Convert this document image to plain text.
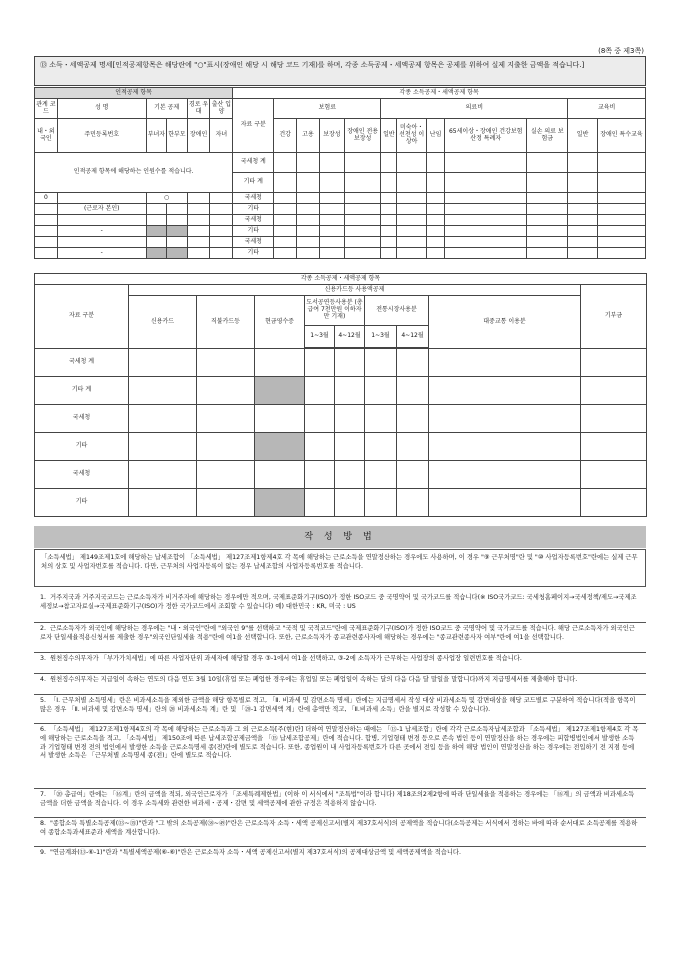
(8쪽 중 제3쪽)
⑬ 소득・세액공제 명세[인적공제항목은 해당란에 "○"표시(장애인 해당 시 해당 코드 기재)를 하며, 각종 소득공제・세액공제 항목은 공제를 위하여 실제 지출한 금액을 적습니다.]
인적공제 항목						각종 소득공제・세액공제 항목											
관계 코드	성 명	기본 공제		경로 우대	출산 입양	자료 구분	보험료				의료비					교육비	
내・외 국인	주민등록번호	부녀자	한부모	장애인	자녀		건강	고용	보장성	장애인 전용 보장성	일반	미숙아・선천성 이상아	난임	65세이상・장애인 건강보험산정 특례자	실손 의료 보험금	일반	장애인 특수교육
인적공제 항목에 해당하는 인원수를 적습니다.						국세청 계											
						기타 계											
0		○				국세청											
	(근로자 본인)					기타											
						국세청											
	-					기타											
						국세청											
	-					기타											
각종 소득공제・세액공제 항목									
자료 구분	신용카드등 사용액공제								기부금
	신용카드	직불카드등	현금영수증	도서공연등사용분 (총급여 7천만원 이하자만 기재)		전통시장사용분		대중교통 이용분	
				1~3월	4~12월	1~3월	4~12월		

국세청 계									
기타 계									
국세청									
기타									
국세청									
기타									
작 성 방 법
「소득세법」 제149조제1호에 해당하는 납세조합이 「소득세법」 제127조제1항제4호 각 목에 해당하는 근로소득을 연말정산하는 경우에도 사용하며, 이 경우 "⑨ 근무처명"란 및 "⑩ 사업자등록번호"란에는 실제 근무처의 상호 및 사업자번호를 적습니다. 다만, 근무처의 사업자등록이 없는 경우 납세조합의 사업자등록번호를 적습니다.
1. 거주지국과 거주지국코드는 근로소득자가 비거주자에 해당하는 경우에만 적으며, 국제표준화기구(ISO)가 정한 ISO코드 중 국명약어 및 국가코드를 적습니다(※ ISO국가코드: 국세청홈페이지→국세정책/제도→국제조세정보→참고자료실→국제표준화기구(ISO)가 정한 국가코드에서 조회할 수 있습니다) 예) 대한민국 : KR, 미국 : US
2. 근로소득자가 외국인에 해당하는 경우에는 "내・외국인"란에 "외국인 9"를 선택하고 "국적 및 국적코드"란에 국제표준화기구(ISO)가 정한 ISO코드 중 국명약어 및 국가코드를 적습니다. 해당 근로소득자가 외국인근로자 단일세율적용신청서를 제출한 경우"외국인단일세율 적용"란에 여1을 선택합니다. 또한, 근로소득자가 종교관련종사자에 해당하는 경우에는 "종교관련종사자 여부"란에 여1을 선택합니다.
3. 원천징수의무자가 「부가가치세법」에 따른 사업자단위 과세자에 해당할 경우 ③-1에서 여1을 선택하고, ③-2에 소득자가 근무하는 사업장의 종사업장 일련번호를 적습니다.
4. 원천징수의무자는 지급일이 속하는 연도의 다음 연도 3월 10일(휴업 또는 폐업한 경우에는 휴업일 또는 폐업일이 속하는 달의 다음 다음 달 말일을 말합니다)까지 지급명세서를 제출해야 합니다.
5. 「Ⅰ. 근무처별 소득명세」란은 비과세소득을 제외한 금액을 해당 항목별로 적고, 「Ⅱ. 비과세 및 감면소득 명세」란에는 지급명세서 작성 대상 비과세소득 및 감면대상을 해당 코드별로 구분하여 적습니다(적을 항목이 많은 경우 「Ⅱ. 비과세 및 감면소득 명세」란의 ⑳ 비과세소득 계」란 및 「⑳-1 감면세액 계」란에 총액만 적고, 「Ⅱ.비과세 소득」란을 별지로 작성할 수 있습니다).
6. 「소득세법」 제127조제1항제4호의 각 목에 해당하는 근로소득과 그 외 근로소득[주(현)란] 더하여 연말정산하는 때에는 「⑬-1 납세조합」란에 각각 근로소득자납세조합과 「소득세법」 제127조제1항제4호 각 목에 해당하는 근로소득을 적고, 「소득세법」 제150조에 따른 납세조합공제금액을 「⑮ 납세조합공제」란에 적습니다. 합병, 기업형태 변경 등으로 존속 법인 등이 연말정산을 하는 경우에는 피합병법인에서 발생한 소득과 기업형태 변경 전의 법인에서 발생한 소득을 근로소득명세 종(전)란에 별도로 적습니다. 또한, 종업원이 내 사업자등록번호가 다른 곳에서 전입 등을 하여 해당 법인이 연말정산을 하는 경우에는 전입하기 전 지점 등에서 발생한 소득은 「근무처별 소득명세 종(전)」란에 별도로 적습니다.
7. 「⑳ 총급여」란에는 「⑯계」란의 금액을 적되, 외국인근로자가 「조세특례제한법」(이하 이 서식에서 "조특법"이라 합니다) 제18조의2제2항에 따라 단일세율을 적용하는 경우에는 「⑯계」의 금액과 비과세소득금액을 더한 금액을 적습니다. 이 경우 소득세와 관련한 비과세・공제・감면 및 세액공제에 관한 규정은 적용하지 않습니다.
8. "종합소득 특별소득공제(㉝~㉟)"란과 "그 밖의 소득공제(㊳~㊾)"란은 근로소득자 소득・세액 공제신고서(별지 제37호서식)의 공제액을 적습니다(소득공제는 서식에서 정하는 바에 따라 순서대로 소득공제를 적용하여 종합소득과세표준과 세액을 계산합니다).
9. "연금계좌(⑬-⑥-1)"란과 "특별세액공제(⑥-⑥)"란은 근로소득자 소득・세액 공제신고서(별지 제37호서식)의 공제대상금액 및 세액공제액을 적습니다.
